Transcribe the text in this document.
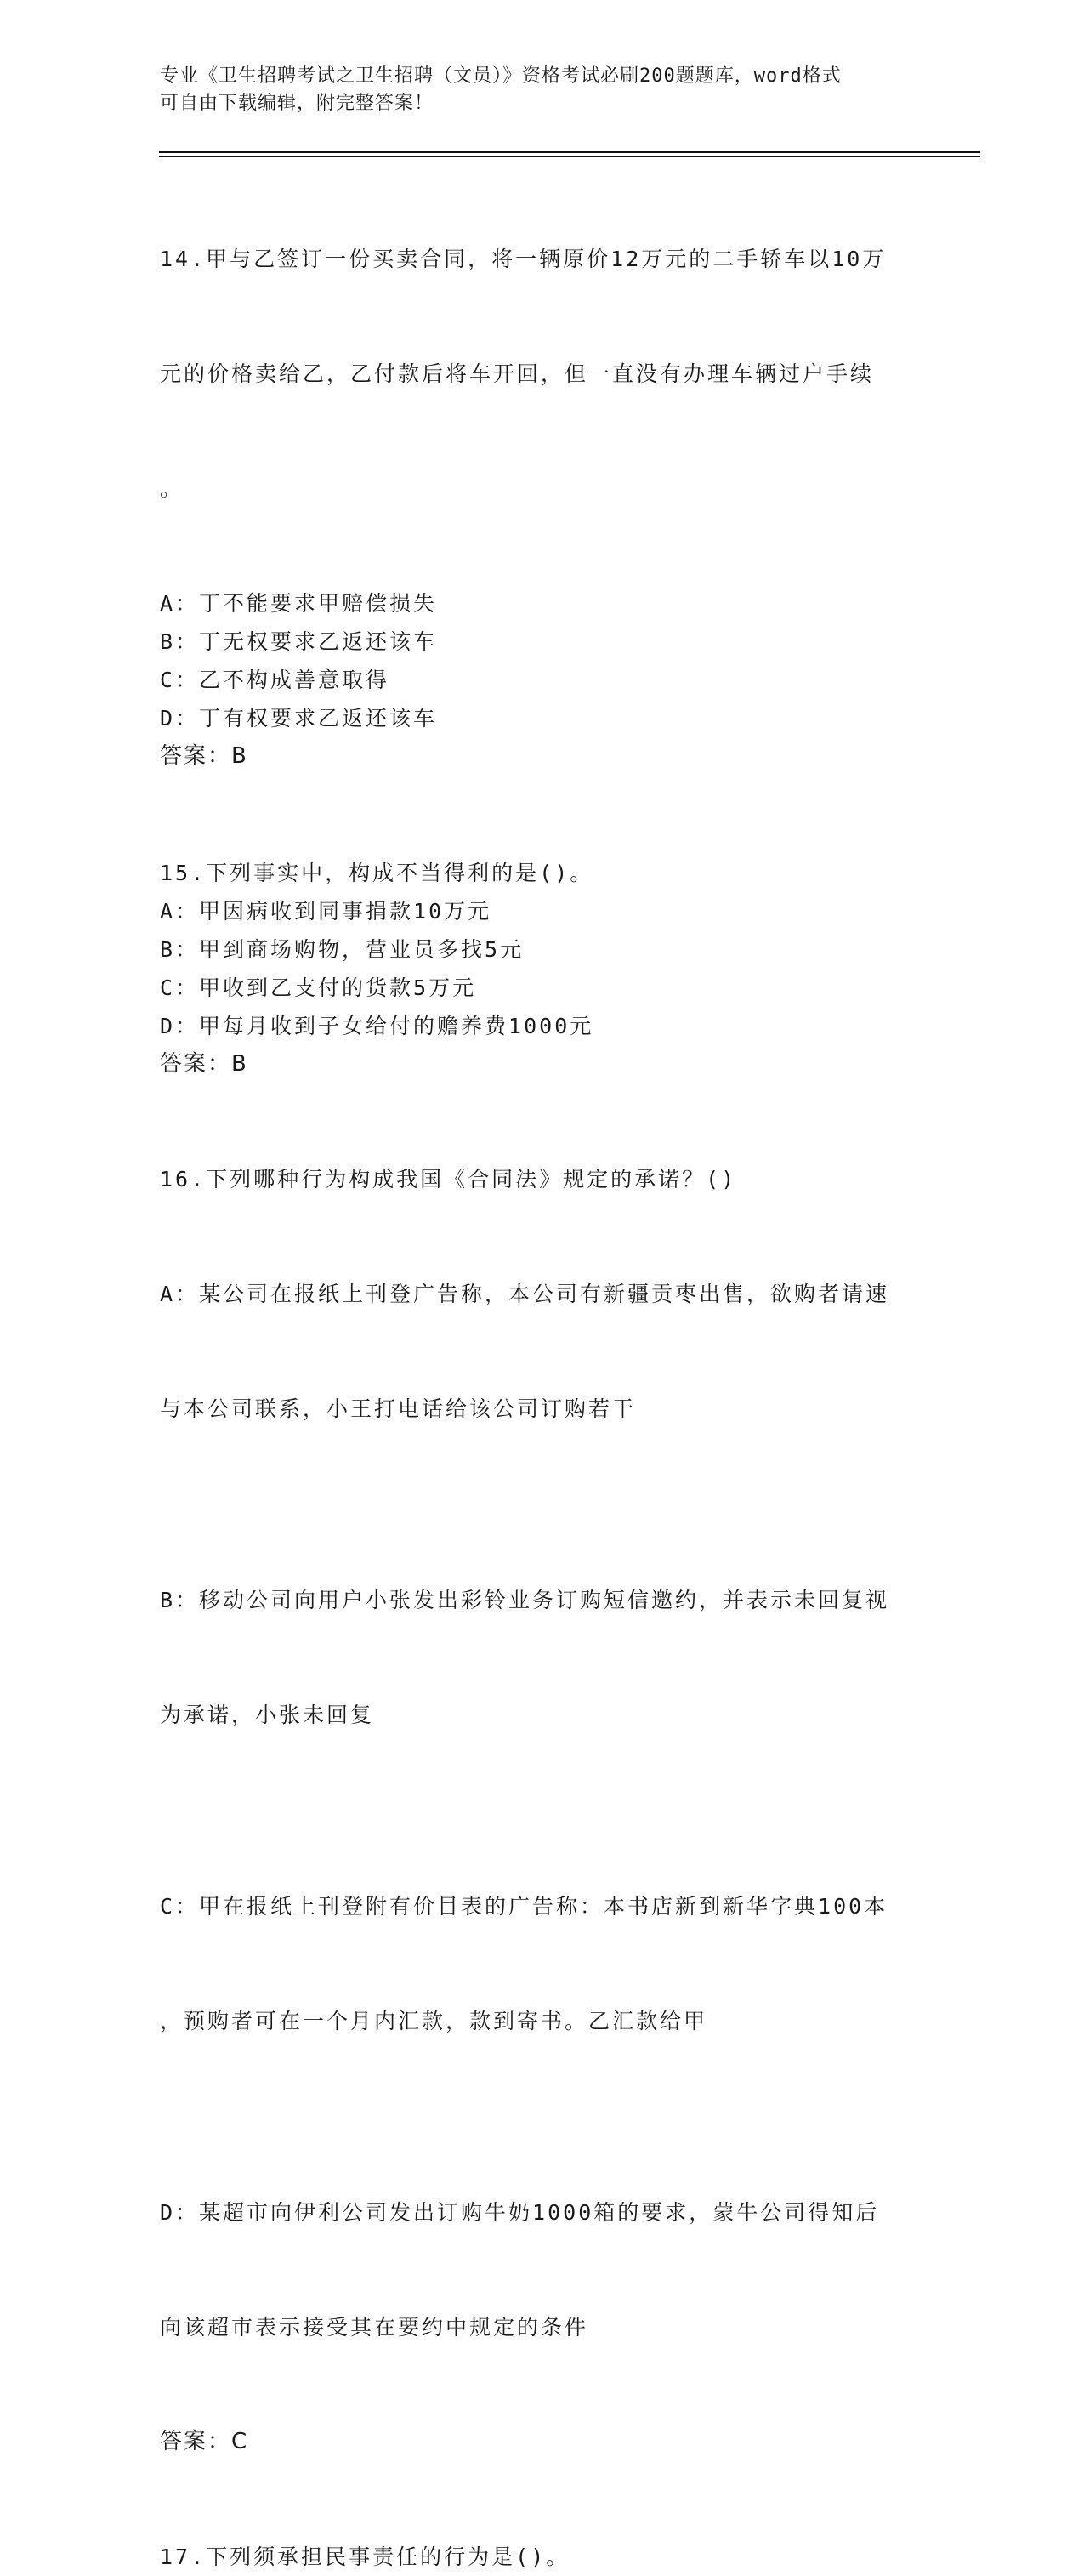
专业《卫生招聘考试之卫生招聘（文员）》资格考试必刷200题题库，word格式
可自由下载编辑，附完整答案！

14.甲与乙签订一份买卖合同，将一辆原价12万元的二手轿车以10万

元的价格卖给乙，乙付款后将车开回，但一直没有办理车辆过户手续

。

A：丁不能要求甲赔偿损失
B：丁无权要求乙返还该车
C：乙不构成善意取得
D：丁有权要求乙返还该车
答案：B
15.下列事实中，构成不当得利的是()。
A：甲因病收到同事捐款10万元
B：甲到商场购物，营业员多找5元
C：甲收到乙支付的货款5万元
D：甲每月收到子女给付的赡养费1000元
答案：B
16.下列哪种行为构成我国《合同法》规定的承诺？()

A：某公司在报纸上刊登广告称，本公司有新疆贡枣出售，欲购者请速

与本公司联系，小王打电话给该公司订购若干

B：移动公司向用户小张发出彩铃业务订购短信邀约，并表示未回复视

为承诺，小张未回复

C：甲在报纸上刊登附有价目表的广告称：本书店新到新华字典100本

，预购者可在一个月内汇款，款到寄书。乙汇款给甲

D：某超市向伊利公司发出订购牛奶1000箱的要求，蒙牛公司得知后

向该超市表示接受其在要约中规定的条件

答案：C
17.下列须承担民事责任的行为是()。
